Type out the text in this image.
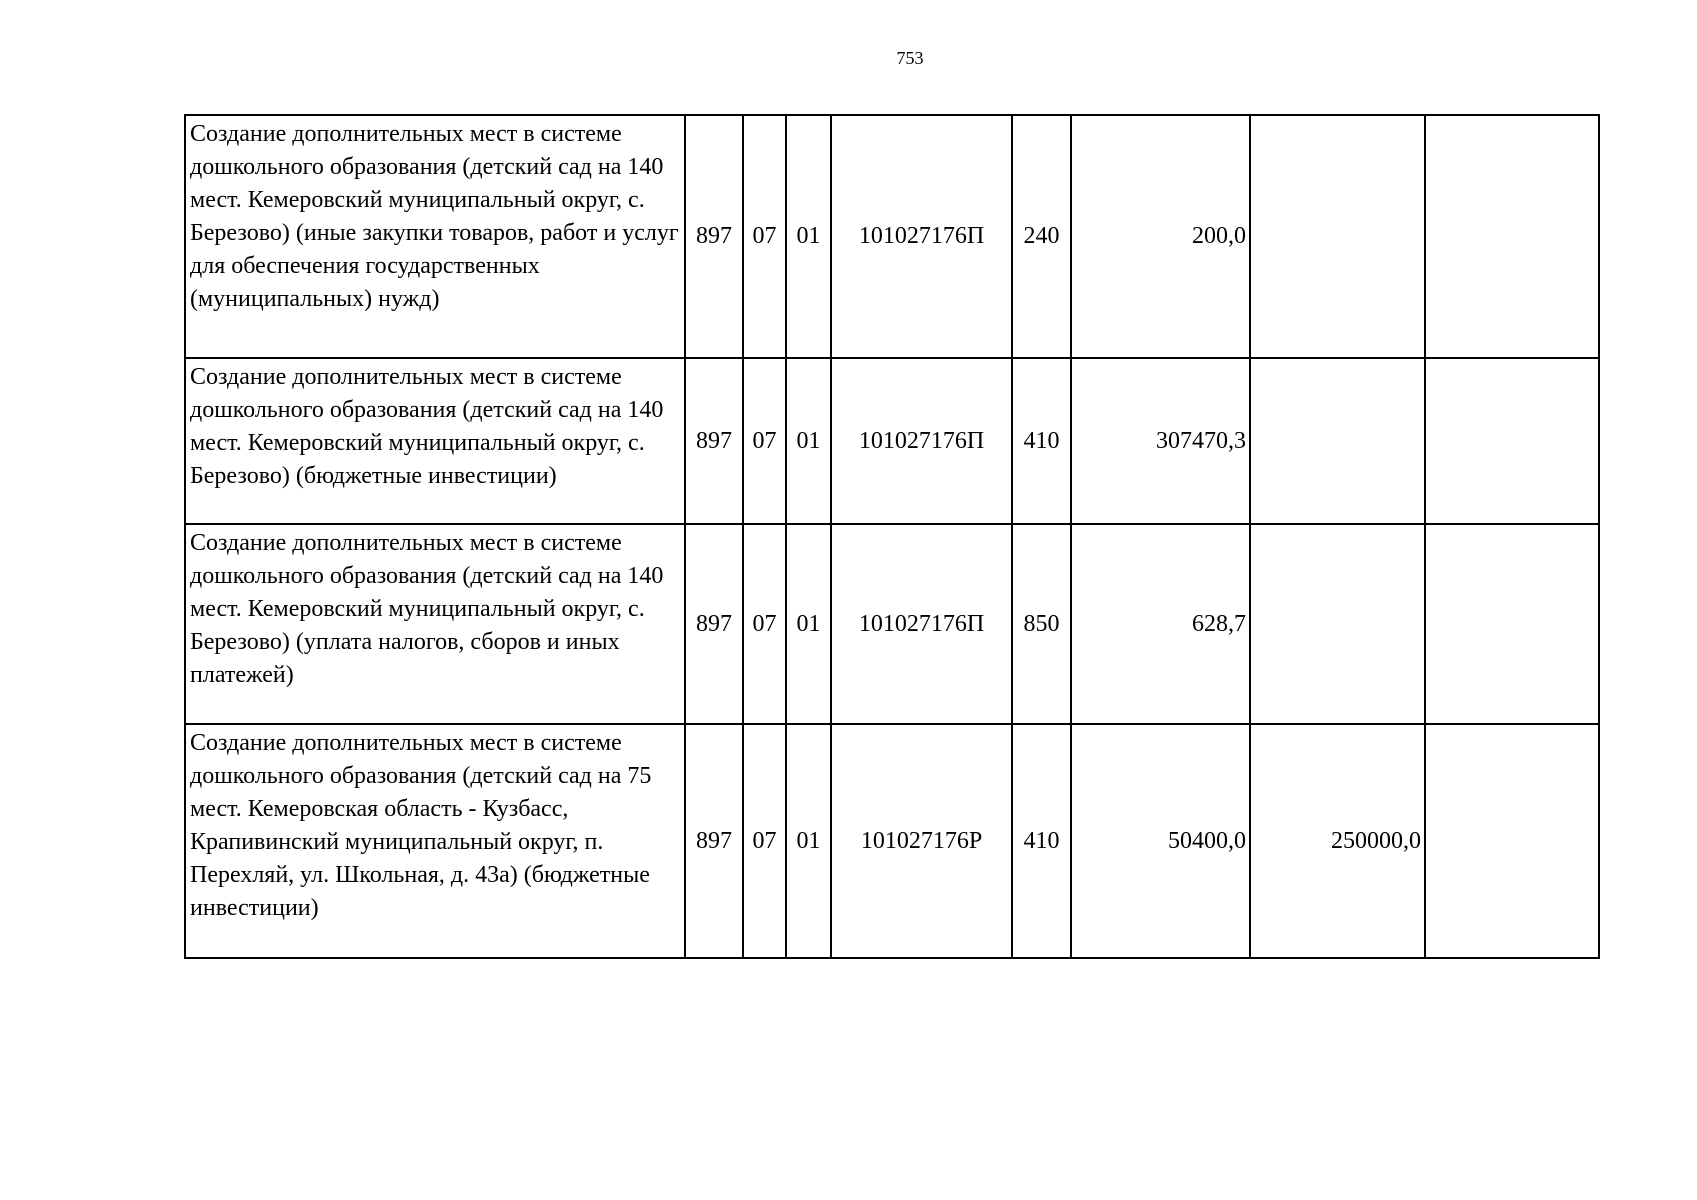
753
Создание дополнительных мест в системе дошкольного образования (детский сад на 140 мест. Кемеровский муниципальный округ, с. Березово) (иные закупки товаров, работ и услуг для обеспечения государственных (муниципальных) нужд)	897	07	01	101027176П	240	200,0		
Создание дополнительных мест в системе дошкольного образования (детский сад на 140 мест. Кемеровский муниципальный округ, с. Березово) (бюджетные инвестиции)	897	07	01	101027176П	410	307470,3		
Создание дополнительных мест в системе дошкольного образования (детский сад на 140 мест. Кемеровский муниципальный округ, с. Березово) (уплата налогов, сборов и иных платежей)	897	07	01	101027176П	850	628,7		
Создание дополнительных мест в системе дошкольного образования (детский сад на 75 мест. Кемеровская область - Кузбасс, Крапивинский муниципальный округ, п. Перехляй, ул. Школьная, д. 43а) (бюджетные инвестиции)	897	07	01	101027176Р	410	50400,0	250000,0	
